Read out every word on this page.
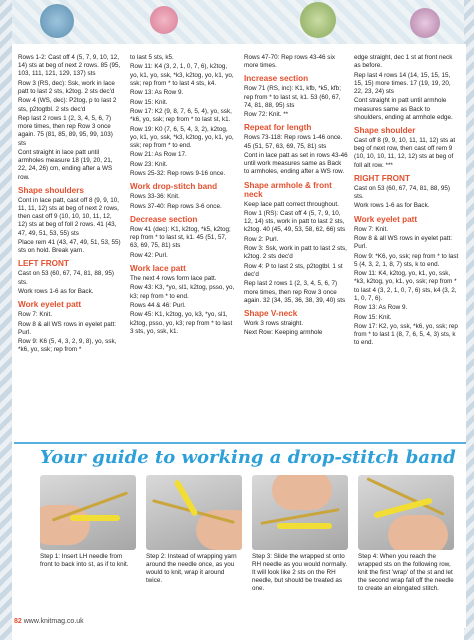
Rows 1-2: Cast off 4 (5, 7, 9, 10, 12, 14) sts at beg of next 2 rows. 85 (95, 103, 111, 121, 129, 137) sts

Row 3 (RS, dec): Ssk, work in lace patt to last 2 sts, k2tog. 2 sts dec'd

Row 4 (WS, dec): P2tog, p to last 2 sts, p2togtbl. 2 sts dec'd

Rep last 2 rows 1 (2, 3, 4, 5, 6, 7) more times, then rep Row 3 once again. 75 (81, 85, 89, 95, 99, 103) sts

Cont straight in lace patt until armholes measure 18 (19, 20, 21, 22, 24, 26) cm, ending after a WS row.

Shape shoulders

Cont in lace patt, cast off 8 (9, 9, 10, 11, 11, 12) sts at beg of next 2 rows, then cast off 9 (10, 10, 10, 11, 12, 12) sts at beg of foll 2 rows. 41 (43, 47, 49, 51, 53, 55) sts

Place rem 41 (43, 47, 49, 51, 53, 55) sts on hold. Break yarn.

LEFT FRONT

Cast on 53 (60, 67, 74, 81, 88, 95) sts.

Work rows 1-6 as for Back.

Work eyelet patt

Row 7: Knit.

Row 8 & all WS rows in eyelet patt: Purl.

Row 9: K6 (5, 4, 3, 2, 9, 8), yo, ssk, *k6, yo, ssk; rep from *

to last 5 sts, k5.

Row 11: K4 (3, 2, 1, 0, 7, 6), k2tog, yo, k1, yo, ssk, *k3, k2tog, yo, k1, yo, ssk; rep from * to last 4 sts, k4.

Row 13: As Row 9.

Row 15: Knit.

Row 17: K2 (9, 8, 7, 6, 5, 4), yo, ssk, *k6, yo, ssk; rep from * to last st, k1.

Row 19: K0 (7, 6, 5, 4, 3, 2), k2tog, yo, k1, yo, ssk, *k3, k2tog, yo, k1, yo, ssk; rep from * to end.

Row 21: As Row 17.

Row 23: Knit.

Rows 25-32: Rep rows 9-16 once.

Work drop-stitch band

Rows 33-36: Knit.

Rows 37-40: Rep rows 3-6 once.

Decrease section

Row 41 (dec): K1, k2tog, *k5, k2tog; rep from * to last st, k1. 45 (51, 57, 63, 69, 75, 81) sts

Row 42: Purl.

Work lace patt

The next 4 rows form lace patt.

Row 43: K3, *yo, sl1, k2tog, psso, yo, k3; rep from * to end.

Rows 44 & 46: Purl.

Row 45: K1, k2tog, yo, k3, *yo, sl1, k2tog, psso, yo, k3; rep from * to last 3 sts, yo, ssk, k1.

Rows 47-70: Rep rows 43-46 six more times.

Increase section

Row 71 (RS, inc): K1, kfb, *k5, kfb; rep from * to last st, k1. 53 (60, 67, 74, 81, 88, 95) sts

Row 72: Knit. **

Repeat for length

Rows 73-118: Rep rows 1-46 once. 45 (51, 57, 63, 69, 75, 81) sts

Cont in lace patt as set in rows 43-46 until work measures same as Back to armholes, ending after a WS row.

Shape armhole & front neck

Keep lace patt correct throughout.

Row 1 (RS): Cast off 4 (5, 7, 9, 10, 12, 14) sts, work in patt to last 2 sts, k2tog. 40 (45, 49, 53, 58, 62, 66) sts

Row 2: Purl.

Row 3: Ssk, work in patt to last 2 sts, k2tog. 2 sts dec'd

Row 4: P to last 2 sts, p2togtbl. 1 st dec'd

Rep last 2 rows 1 (2, 3, 4, 5, 6, 7) more times, then rep Row 3 once again. 32 (34, 35, 36, 38, 39, 40) sts

Shape V-neck

Work 3 rows straight.

Next Row: Keeping armhole

edge straight, dec 1 st at front neck as before.

Rep last 4 rows 14 (14, 15, 15, 15, 15, 15) more times. 17 (19, 19, 20, 22, 23, 24) sts

Cont straight in patt until armhole measures same as Back to shoulders, ending at armhole edge.

Shape shoulder

Cast off 8 (9, 9, 10, 11, 11, 12) sts at beg of next row, then cast off rem 9 (10, 10, 10, 11, 12, 12) sts at beg of foll alt row. ***

RIGHT FRONT

Cast on 53 (60, 67, 74, 81, 88, 95) sts.

Work rows 1-6 as for Back.

Work eyelet patt

Row 7: Knit.

Row 8 & all WS rows in eyelet patt: Purl.

Row 9: *K6, yo, ssk; rep from * to last 5 (4, 3, 2, 1, 8, 7) sts, k to end.

Row 11: K4, k2tog, yo, k1, yo, ssk, *k3, k2tog, yo, k1, yo, ssk; rep from * to last 4 (3, 2, 1, 0, 7, 6) sts, k4 (3, 2, 1, 0, 7, 6).

Row 13: As Row 9.

Row 15: Knit.

Row 17: K2, yo, ssk, *k6, yo, ssk; rep from * to last 1 (8, 7, 6, 5, 4, 3) sts, k to end.

Your guide to working a drop-stitch band
Step 1: Insert LH needle from front to back into st, as if to knit.
Step 2: Instead of wrapping yarn around the needle once, as you would to knit, wrap it around twice.
Step 3: Slide the wrapped st onto RH needle as you would normally. It will look like 2 sts on the RH needle, but should be treated as one.
Step 4: When you reach the wrapped sts on the following row, knit the first 'wrap' of the st and let the second wrap fall off the needle to create an elongated stitch.
82 www.knitmag.co.uk
